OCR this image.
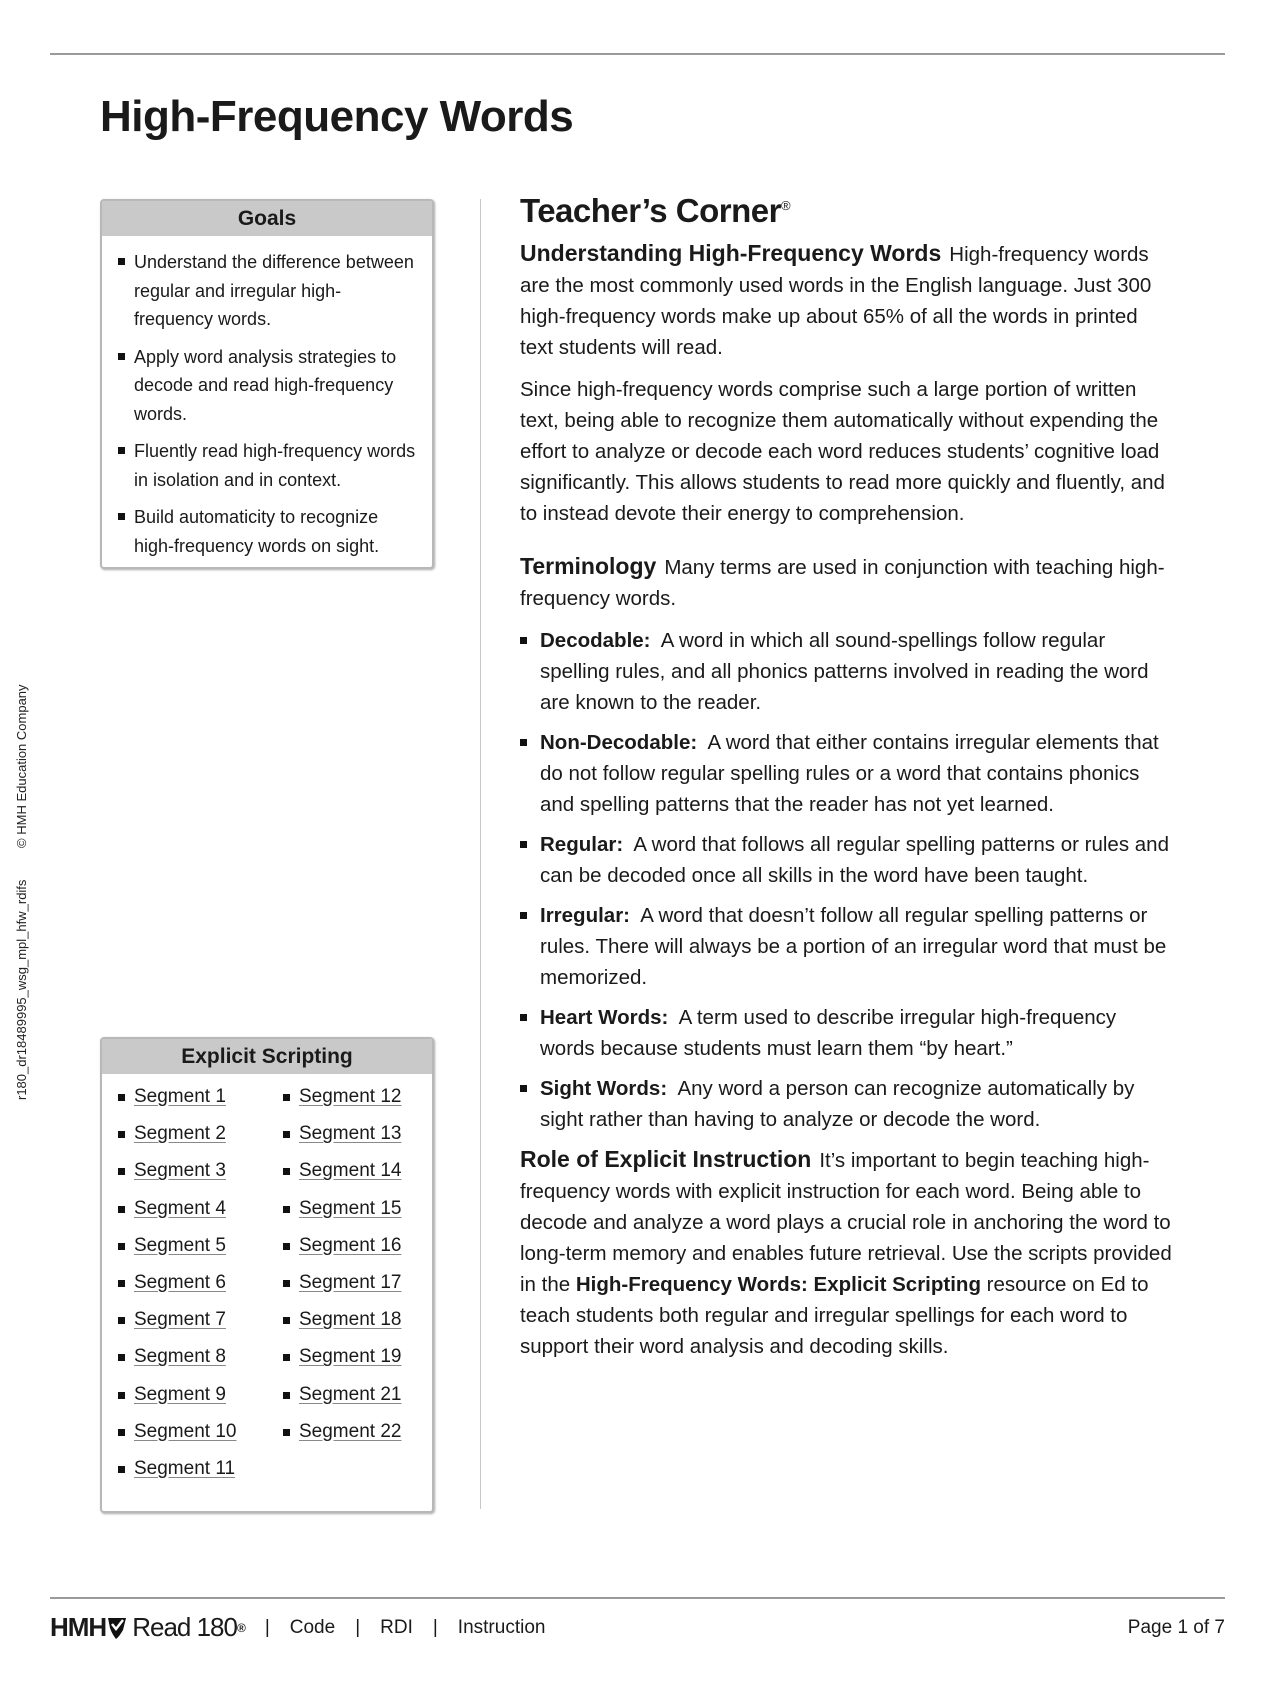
High-Frequency Words
r180_dr18489995_wsg_mpl_hfw_rdifs © HMH Education Company
Goals
Understand the difference between regular and irregular high-frequency words.
Apply word analysis strategies to decode and read high-frequency words.
Fluently read high-frequency words in isolation and in context.
Build automaticity to recognize high-frequency words on sight.
Explicit Scripting
Segment 1
Segment 2
Segment 3
Segment 4
Segment 5
Segment 6
Segment 7
Segment 8
Segment 9
Segment 10
Segment 11
Segment 12
Segment 13
Segment 14
Segment 15
Segment 16
Segment 17
Segment 18
Segment 19
Segment 21
Segment 22
Teacher’s Corner®

Understanding High-Frequency Words High-frequency words are the most commonly used words in the English language. Just 300 high-frequency words make up about 65% of all the words in printed text students will read.

Since high-frequency words comprise such a large portion of written text, being able to recognize them automatically without expending the effort to analyze or decode each word reduces students’ cognitive load significantly. This allows students to read more quickly and fluently, and to instead devote their energy to comprehension.

Terminology Many terms are used in conjunction with teaching high-frequency words.

Decodable: A word in which all sound-spellings follow regular spelling rules, and all phonics patterns involved in reading the word are known to the reader.
Non-Decodable: A word that either contains irregular elements that do not follow regular spelling rules or a word that contains phonics and spelling patterns that the reader has not yet learned.
Regular: A word that follows all regular spelling patterns or rules and can be decoded once all skills in the word have been taught.
Irregular: A word that doesn’t follow all regular spelling patterns or rules. There will always be a portion of an irregular word that must be memorized.
Heart Words: A term used to describe irregular high-frequency words because students must learn them “by heart.”
Sight Words: Any word a person can recognize automatically by sight rather than having to analyze or decode the word.

Role of Explicit Instruction It’s important to begin teaching high-frequency words with explicit instruction for each word. Being able to decode and analyze a word plays a crucial role in anchoring the word to long-term memory and enables future retrieval. Use the scripts provided in the High-Frequency Words: Explicit Scripting resource on Ed to teach students both regular and irregular spellings for each word to support their word analysis and decoding skills.

HMH Read 180 ® | Code | RDI | Instruction	Page 1 of 7
